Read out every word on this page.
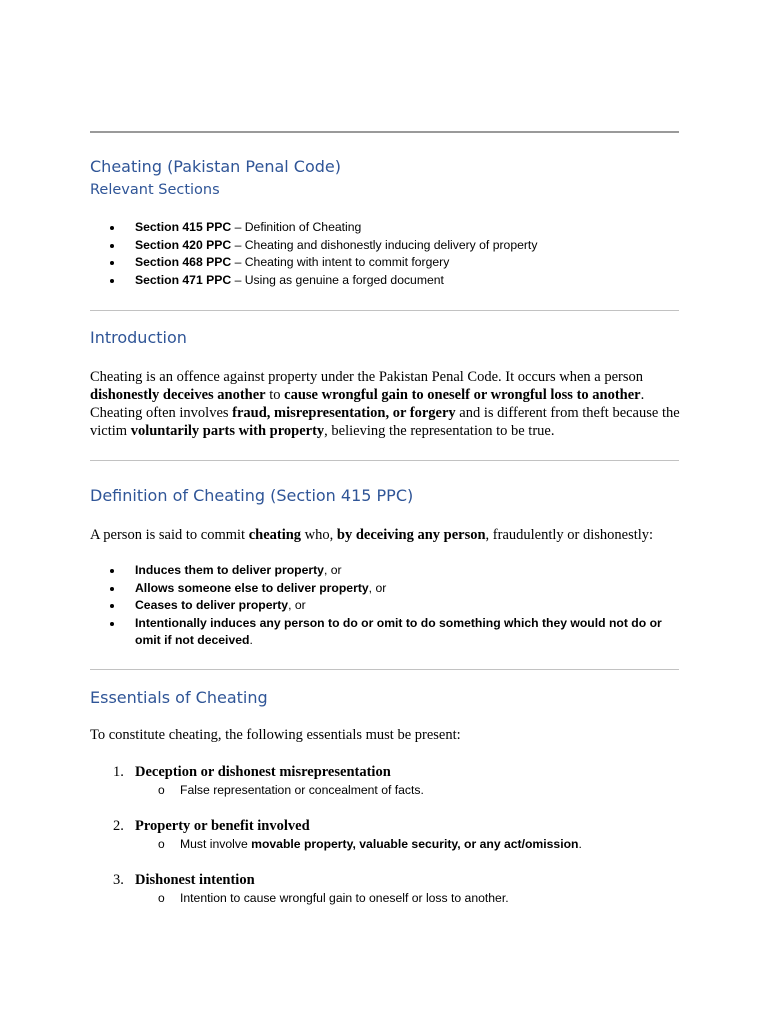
Cheating (Pakistan Penal Code)
Relevant Sections
Section 415 PPC – Definition of Cheating
Section 420 PPC – Cheating and dishonestly inducing delivery of property
Section 468 PPC – Cheating with intent to commit forgery
Section 471 PPC – Using as genuine a forged document
Introduction

Cheating is an offence against property under the Pakistan Penal Code. It occurs when a person dishonestly deceives another to cause wrongful gain to oneself or wrongful loss to another. Cheating often involves fraud, misrepresentation, or forgery and is different from theft because the victim voluntarily parts with property, believing the representation to be true.

Definition of Cheating (Section 415 PPC)

A person is said to commit cheating who, by deceiving any person, fraudulently or dishonestly:

Induces them to deliver property, or
Allows someone else to deliver property, or
Ceases to deliver property, or
Intentionally induces any person to do or omit to do something which they would not do or omit if not deceived.
Essentials of Cheating

To constitute cheating, the following essentials must be present:

1. Deception or dishonest misrepresentation

o False representation or concealment of facts.

2. Property or benefit involved

o Must involve movable property, valuable security, or any act/omission.

3. Dishonest intention

o Intention to cause wrongful gain to oneself or loss to another.
